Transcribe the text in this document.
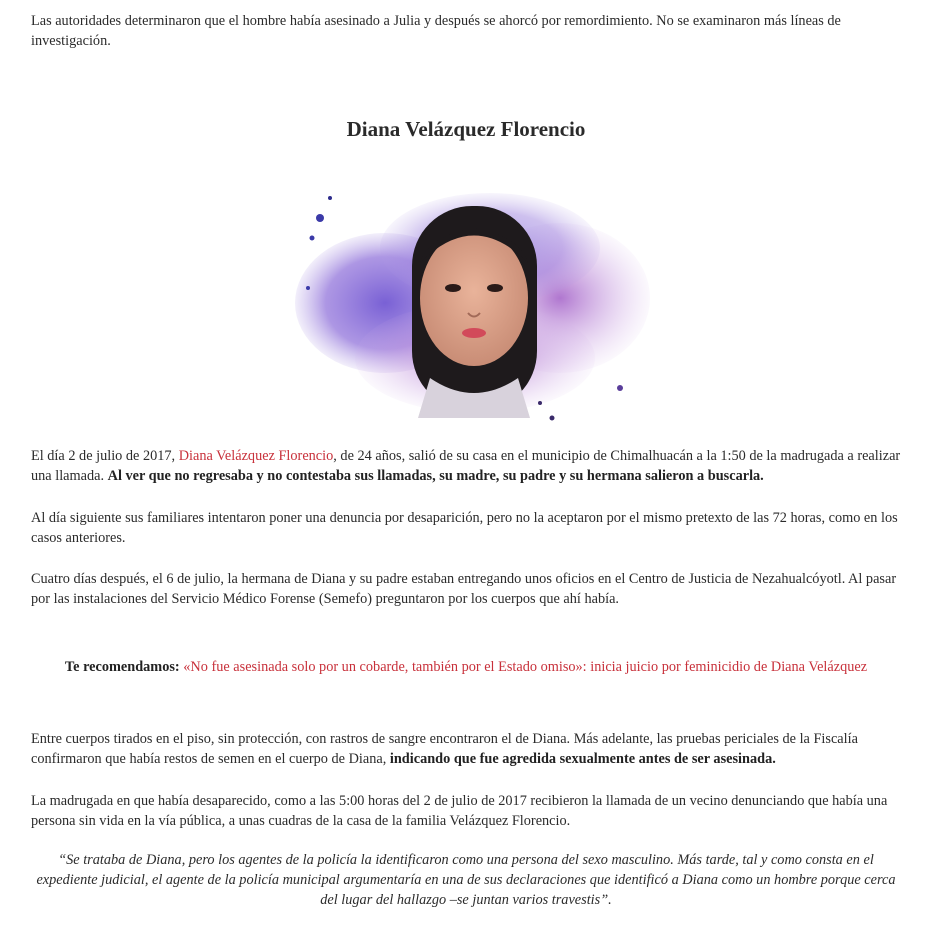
Las autoridades determinaron que el hombre había asesinado a Julia y después se ahorcó por remordimiento. No se examinaron más líneas de investigación.

Diana Velázquez Florencio

El día 2 de julio de 2017, Diana Velázquez Florencio, de 24 años, salió de su casa en el municipio de Chimalhuacán a la 1:50 de la madrugada a realizar una llamada. Al ver que no regresaba y no contestaba sus llamadas, su madre, su padre y su hermana salieron a buscarla.

Al día siguiente sus familiares intentaron poner una denuncia por desaparición, pero no la aceptaron por el mismo pretexto de las 72 horas, como en los casos anteriores.

Cuatro días después, el 6 de julio, la hermana de Diana y su padre estaban entregando unos oficios en el Centro de Justicia de Nezahualcóyotl. Al pasar por las instalaciones del Servicio Médico Forense (Semefo) preguntaron por los cuerpos que ahí había.

Te recomendamos: «No fue asesinada solo por un cobarde, también por el Estado omiso»: inicia juicio por feminicidio de Diana Velázquez

Entre cuerpos tirados en el piso, sin protección, con rastros de sangre encontraron el de Diana. Más adelante, las pruebas periciales de la Fiscalía confirmaron que había restos de semen en el cuerpo de Diana, indicando que fue agredida sexualmente antes de ser asesinada.

La madrugada en que había desaparecido, como a las 5:00 horas del 2 de julio de 2017 recibieron la llamada de un vecino denunciando que había una persona sin vida en la vía pública, a unas cuadras de la casa de la familia Velázquez Florencio.

“Se trataba de Diana, pero los agentes de la policía la identificaron como una persona del sexo masculino. Más tarde, tal y como consta en el expediente judicial, el agente de la policía municipal argumentaría en una de sus declaraciones que identificó a Diana como un hombre porque cerca del lugar del hallazgo –se juntan varios travestis”.
